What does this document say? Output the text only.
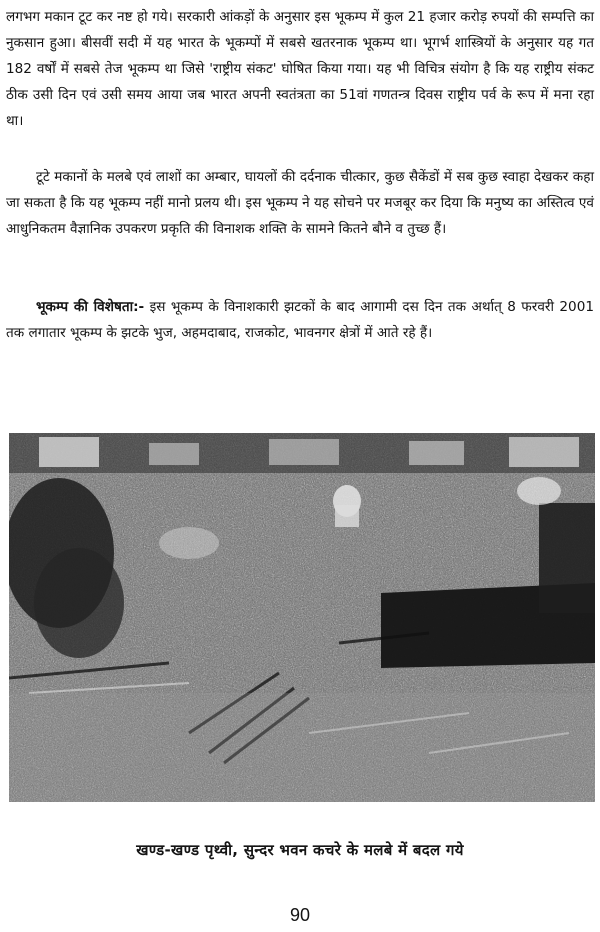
लगभग मकान टूट कर नष्ट हो गये। सरकारी आंकड़ों के अनुसार इस भूकम्प में कुल 21 हजार करोड़ रुपयों की सम्पत्ति का नुकसान हुआ। बीसवीं सदी में यह भारत के भूकम्पों में सबसे खतरनाक भूकम्प था। भूगर्भ शास्त्रियों के अनुसार यह गत 182 वर्षों में सबसे तेज भूकम्प था जिसे 'राष्ट्रीय संकट' घोषित किया गया। यह भी विचित्र संयोग है कि यह राष्ट्रीय संकट ठीक उसी दिन एवं उसी समय आया जब भारत अपनी स्वतंत्रता का 51वां गणतन्त्र दिवस राष्ट्रीय पर्व के रूप में मना रहा था।

टूटे मकानों के मलबे एवं लाशों का अम्बार, घायलों की दर्दनाक चीत्कार, कुछ सैकेंडों में सब कुछ स्वाहा देखकर कहा जा सकता है कि यह भूकम्प नहीं मानो प्रलय थी। इस भूकम्प ने यह सोचने पर मजबूर कर दिया कि मनुष्य का अस्तित्व एवं आधुनिकतम वैज्ञानिक उपकरण प्रकृति की विनाशक शक्ति के सामने कितने बौने व तुच्छ हैं।

भूकम्प की विशेषता:- इस भूकम्प के विनाशकारी झटकों के बाद आगामी दस दिन तक अर्थात् 8 फरवरी 2001 तक लगातार भूकम्प के झटके भुज, अहमदाबाद, राजकोट, भावनगर क्षेत्रों में आते रहे हैं।

खण्ड-खण्ड पृथ्वी, सुन्दर भवन कचरे के मलबे में बदल गये
90
